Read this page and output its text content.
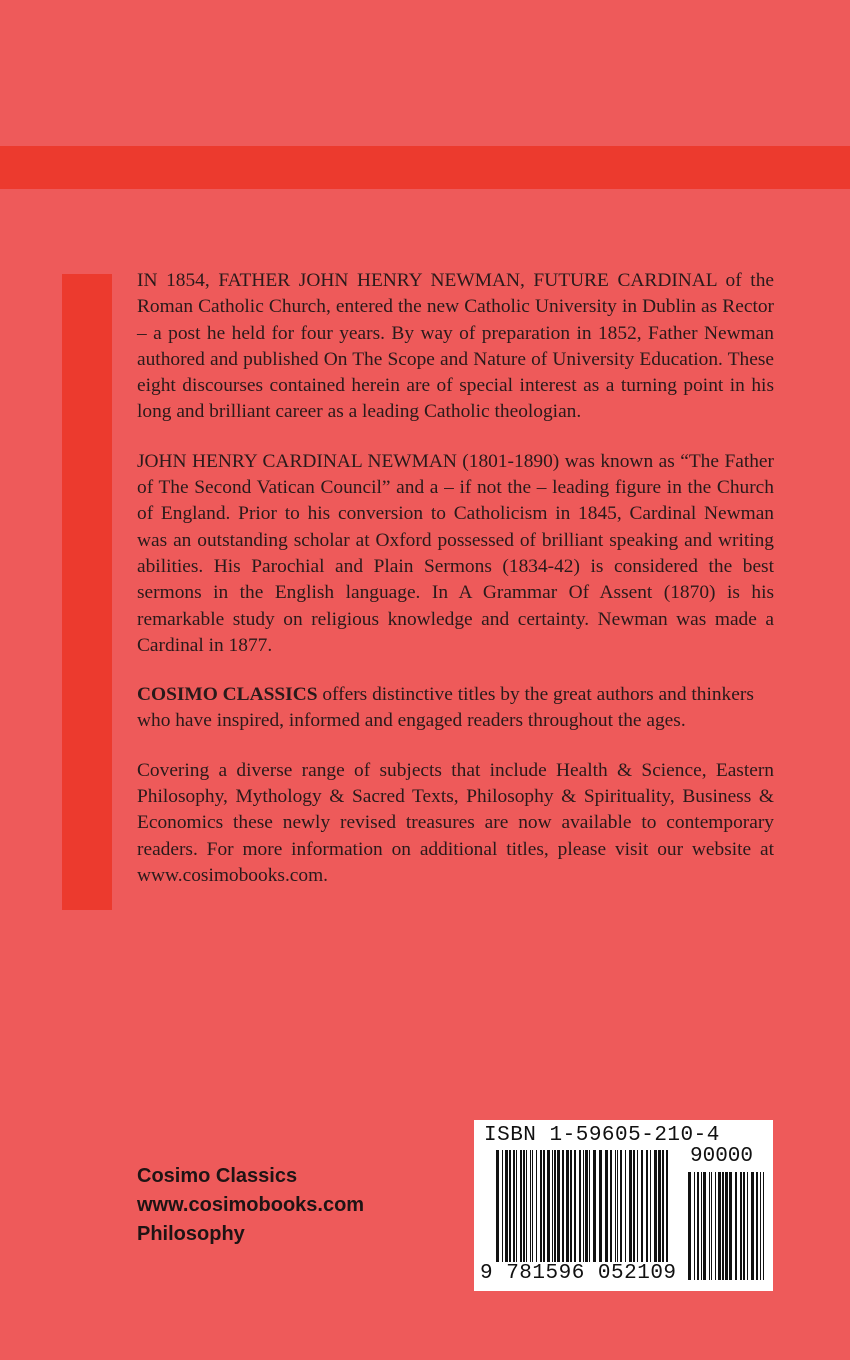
IN 1854, FATHER JOHN HENRY NEWMAN, FUTURE CARDINAL of the Roman Catholic Church, entered the new Catholic University in Dublin as Rector – a post he held for four years. By way of preparation in 1852, Father Newman authored and published On The Scope and Nature of University Education. These eight discourses contained herein are of special interest as a turning point in his long and brilliant career as a leading Catholic theologian.

JOHN HENRY CARDINAL NEWMAN (1801-1890) was known as “The Father of The Second Vatican Council” and a – if not the – leading figure in the Church of England. Prior to his conversion to Catholicism in 1845, Cardinal Newman was an outstanding scholar at Oxford possessed of brilliant speaking and writing abilities. His Parochial and Plain Sermons (1834-42) is considered the best sermons in the English language. In A Grammar Of Assent (1870) is his remarkable study on religious knowledge and certainty. Newman was made a Cardinal in 1877.

COSIMO CLASSICS offers distinctive titles by the great authors and thinkers who have inspired, informed and engaged readers throughout the ages.

Covering a diverse range of subjects that include Health & Science, Eastern Philosophy, Mythology & Sacred Texts, Philosophy & Spirituality, Business & Economics these newly revised treasures are now available to contemporary readers. For more information on additional titles, please visit our website at www.cosimobooks.com.

Cosimo Classics
www.cosimobooks.com
Philosophy
ISBN 1-59605-210-4
90000
9 781596 052109
